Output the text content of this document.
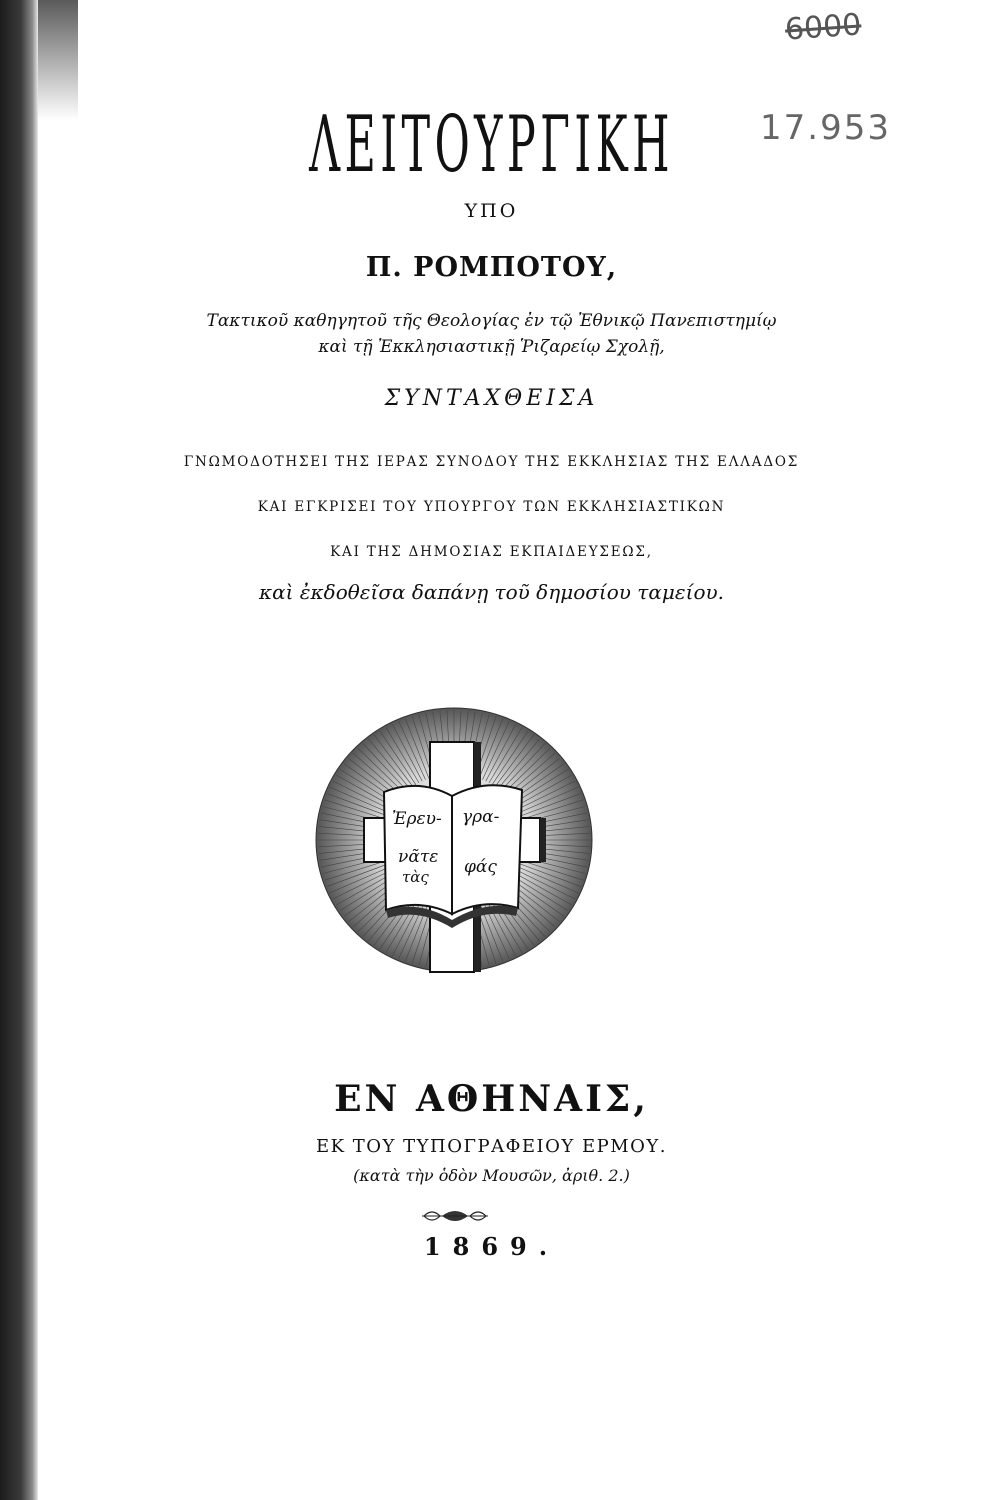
6000
17.953
ΛΕΙΤΟΥΡΓΙΚΗ
ΥΠΟ
Π. ΡΟΜΠΟΤΟΥ,
Τακτικοῦ καθηγητοῦ τῆς Θεολογίας ἐν τῷ Ἐθνικῷ Πανεπιστημίῳ
καὶ τῇ Ἐκκλησιαστικῇ Ῥιζαρείῳ Σχολῇ,
ΣΥΝΤΑΧΘΕΙΣΑ
ΓΝΩΜΟΔΟΤΗΣΕΙ ΤΗΣ ΙΕΡΑΣ ΣΥΝΟΔΟΥ ΤΗΣ ΕΚΚΛΗΣΙΑΣ ΤΗΣ ΕΛΛΑΔΟΣ
ΚΑΙ ΕΓΚΡΙΣΕΙ ΤΟΥ ΥΠΟΥΡΓΟΥ ΤΩΝ ΕΚΚΛΗΣΙΑΣΤΙΚΩΝ
ΚΑΙ ΤΗΣ ΔΗΜΟΣΙΑΣ ΕΚΠΑΙΔΕΥΣΕΩΣ,
καὶ ἐκδοθεῖσα δαπάνῃ τοῦ δημοσίου ταμείου.
Ἐρευ-
νᾶτε
τὰς
γρα-
φάς
ΕΝ ΑΘΗΝΑΙΣ,
ΕΚ ΤΟΥ ΤΥΠΟΓΡΑΦΕΙΟΥ ΕΡΜΟΥ.
(κατὰ τὴν ὁδὸν Μουσῶν, ἀριθ. 2.)
1869.
